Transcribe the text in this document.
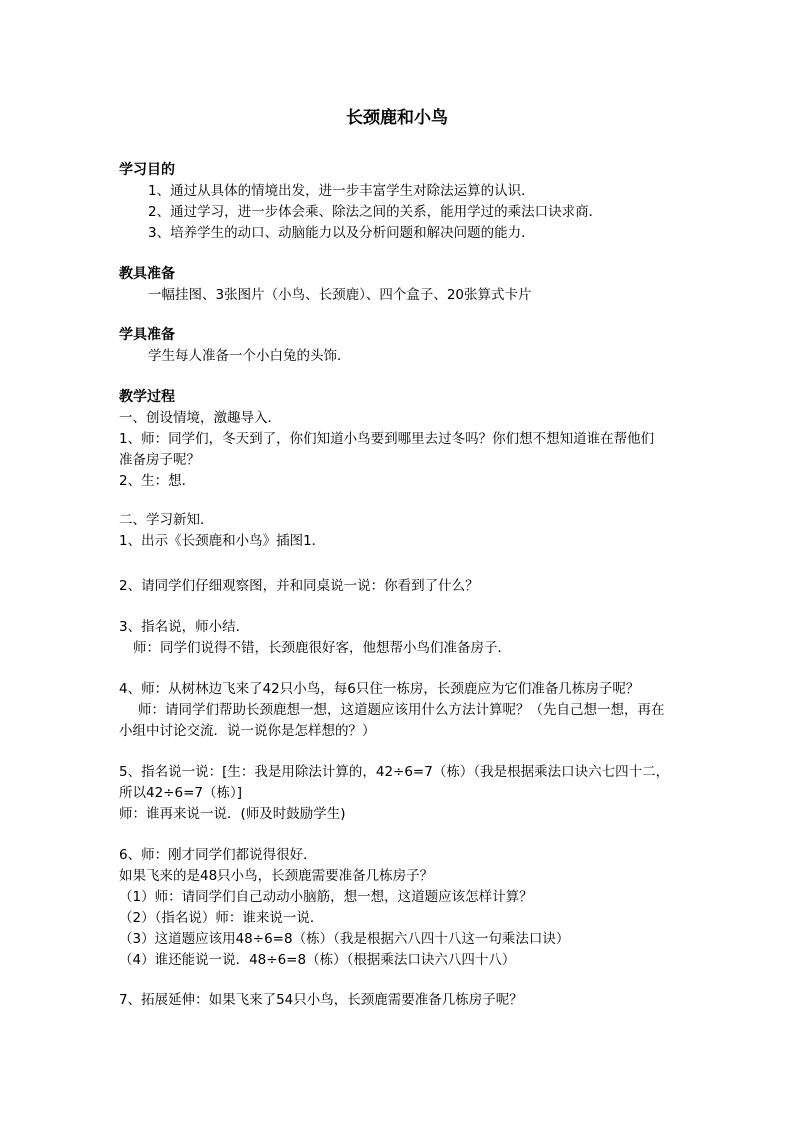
长颈鹿和小鸟
学习目的
1、通过从具体的情境出发，进一步丰富学生对除法运算的认识．
2、通过学习，进一步体会乘、除法之间的关系，能用学过的乘法口诀求商．
3、培养学生的动口、动脑能力以及分析问题和解决问题的能力．
教具准备
一幅挂图、3张图片（小鸟、长颈鹿）、四个盒子、20张算式卡片
学具准备
学生每人准备一个小白兔的头饰．
教学过程
一、创设情境，激趣导入．
1、师：同学们，冬天到了，你们知道小鸟要到哪里去过冬吗？你们想不想知道谁在帮他们
准备房子呢？
2、生：想．
二、学习新知．
1、出示《长颈鹿和小鸟》插图1．
2、请同学们仔细观察图，并和同桌说一说：你看到了什么？
3、指名说，师小结．
师：同学们说得不错，长颈鹿很好客，他想帮小鸟们准备房子．
4、师：从树林边飞来了42只小鸟，每6只住一栋房，长颈鹿应为它们准备几栋房子呢？
师：请同学们帮助长颈鹿想一想，这道题应该用什么方法计算呢？（先自己想一想，再在
小组中讨论交流．说一说你是怎样想的？）
5、指名说一说：[生：我是用除法计算的，42÷6=7（栋）（我是根据乘法口诀六七四十二，
所以42÷6=7（栋）]
师：谁再来说一说．(师及时鼓励学生)
6、师：刚才同学们都说得很好．
如果飞来的是48只小鸟，长颈鹿需要准备几栋房子？
（1）师：请同学们自己动动小脑筋，想一想，这道题应该怎样计算？
（2）（指名说）师：谁来说一说．
（3）这道题应该用48÷6=8（栋）（我是根据六八四十八这一句乘法口诀）
（4）谁还能说一说．48÷6=8（栋）（根据乘法口诀六八四十八）
7、拓展延伸：如果飞来了54只小鸟，长颈鹿需要准备几栋房子呢？
